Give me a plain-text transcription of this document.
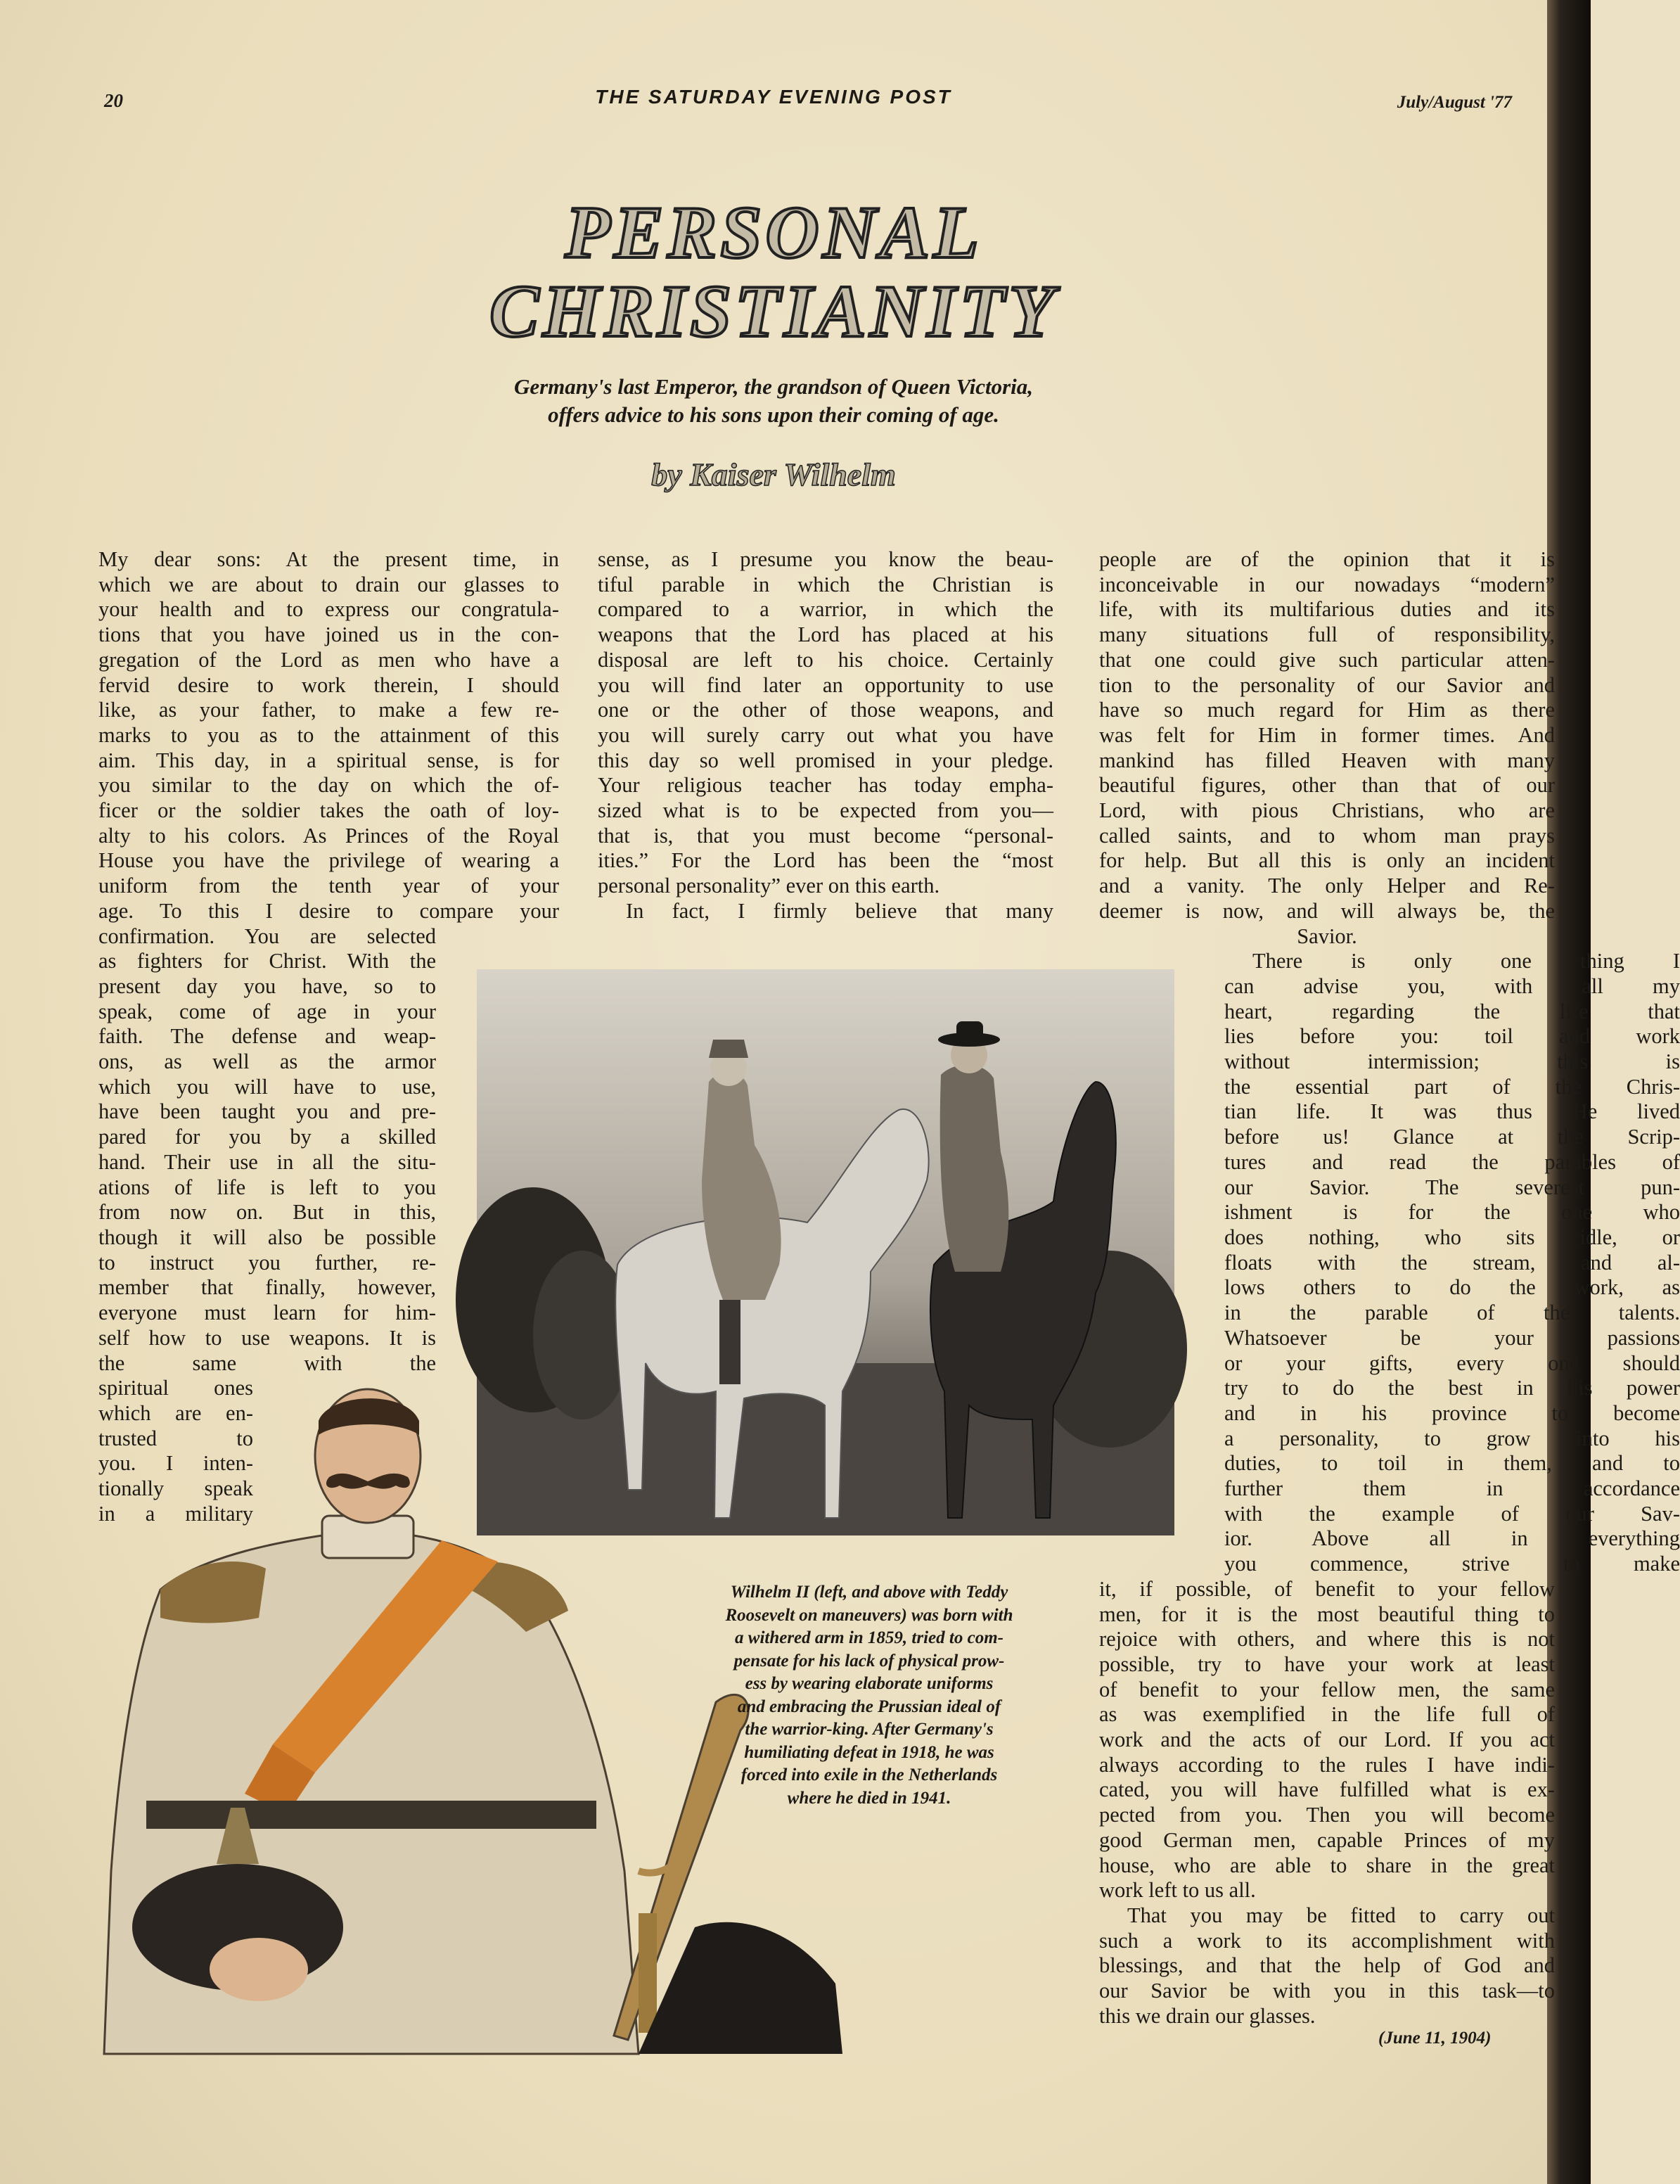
20	THE SATURDAY EVENING POST	July/August '77
PERSONAL
CHRISTIANITY
Germany's last Emperor, the grandson of Queen Victoria,
offers advice to his sons upon their coming of age.
by Kaiser Wilhelm

My dear sons: At the present time, in

which we are about to drain our glasses to

your health and to express our congratula-

tions that you have joined us in the con-

gregation of the Lord as men who have a

fervid desire to work therein, I should

like, as your father, to make a few re-

marks to you as to the attainment of this

aim. This day, in a spiritual sense, is for

you similar to the day on which the of-

ficer or the soldier takes the oath of loy-

alty to his colors. As Princes of the Royal

House you have the privilege of wearing a

uniform from the tenth year of your

age. To this I desire to compare your

confirmation. You are selected

as fighters for Christ. With the

present day you have, so to

speak, come of age in your

faith. The defense and weap-

ons, as well as the armor

which you will have to use,

have been taught you and pre-

pared for you by a skilled

hand. Their use in all the situ-

ations of life is left to you

from now on. But in this,

though it will also be possible

to instruct you further, re-

member that finally, however,

everyone must learn for him-

self how to use weapons. It is

the same with the

spiritual ones

which are en-

trusted to

you. I inten-

tionally speak

in a military

sense, as I presume you know the beau-

tiful parable in which the Christian is

compared to a warrior, in which the

weapons that the Lord has placed at his

disposal are left to his choice. Certainly

you will find later an opportunity to use

one or the other of those weapons, and

you will surely carry out what you have

this day so well promised in your pledge.

Your religious teacher has today empha-

sized what is to be expected from you—

that is, that you must become “personal-

ities.” For the Lord has been the “most

personal personality” ever on this earth.

In fact, I firmly believe that many

people are of the opinion that it is

inconceivable in our nowadays “modern”

life, with its multifarious duties and its

many situations full of responsibility,

that one could give such particular atten-

tion to the personality of our Savior and

have so much regard for Him as there

was felt for Him in former times. And

mankind has filled Heaven with many

beautiful figures, other than that of our

Lord, with pious Christians, who are

called saints, and to whom man prays

for help. But all this is only an incident

and a vanity. The only Helper and Re-

deemer is now, and will always be, the

Savior.

There is only one thing I

can advise you, with all my

heart, regarding the life that

lies before you: toil and work

without intermission; this is

the essential part of the Chris-

tian life. It was thus He lived

before us! Glance at the Scrip-

tures and read the parables of

our Savior. The severest pun-

ishment is for the one who

does nothing, who sits idle, or

floats with the stream, and al-

lows others to do the work, as

in the parable of the talents.

Whatsoever be your passions

or your gifts, every one should

try to do the best in his power

and in his province to become

a personality, to grow into his

duties, to toil in them, and to

further them in accordance

with the example of our Sav-

ior. Above all in everything

you commence, strive to make

it, if possible, of benefit to your fellow

men, for it is the most beautiful thing to

rejoice with others, and where this is not

possible, try to have your work at least

of benefit to your fellow men, the same

as was exemplified in the life full of

work and the acts of our Lord. If you act

always according to the rules I have indi-

cated, you will have fulfilled what is ex-

pected from you. Then you will become

good German men, capable Princes of my

house, who are able to share in the great

work left to us all.

That you may be fitted to carry out

such a work to its accomplishment with

blessings, and that the help of God and

our Savior be with you in this task—to

this we drain our glasses.

(June 11, 1904)
Wilhelm II (left, and above with Teddy
Roosevelt on maneuvers) was born with
a withered arm in 1859, tried to com-
pensate for his lack of physical prow-
ess by wearing elaborate uniforms
and embracing the Prussian ideal of
the warrior-king. After Germany's
humiliating defeat in 1918, he was
forced into exile in the Netherlands
where he died in 1941.
